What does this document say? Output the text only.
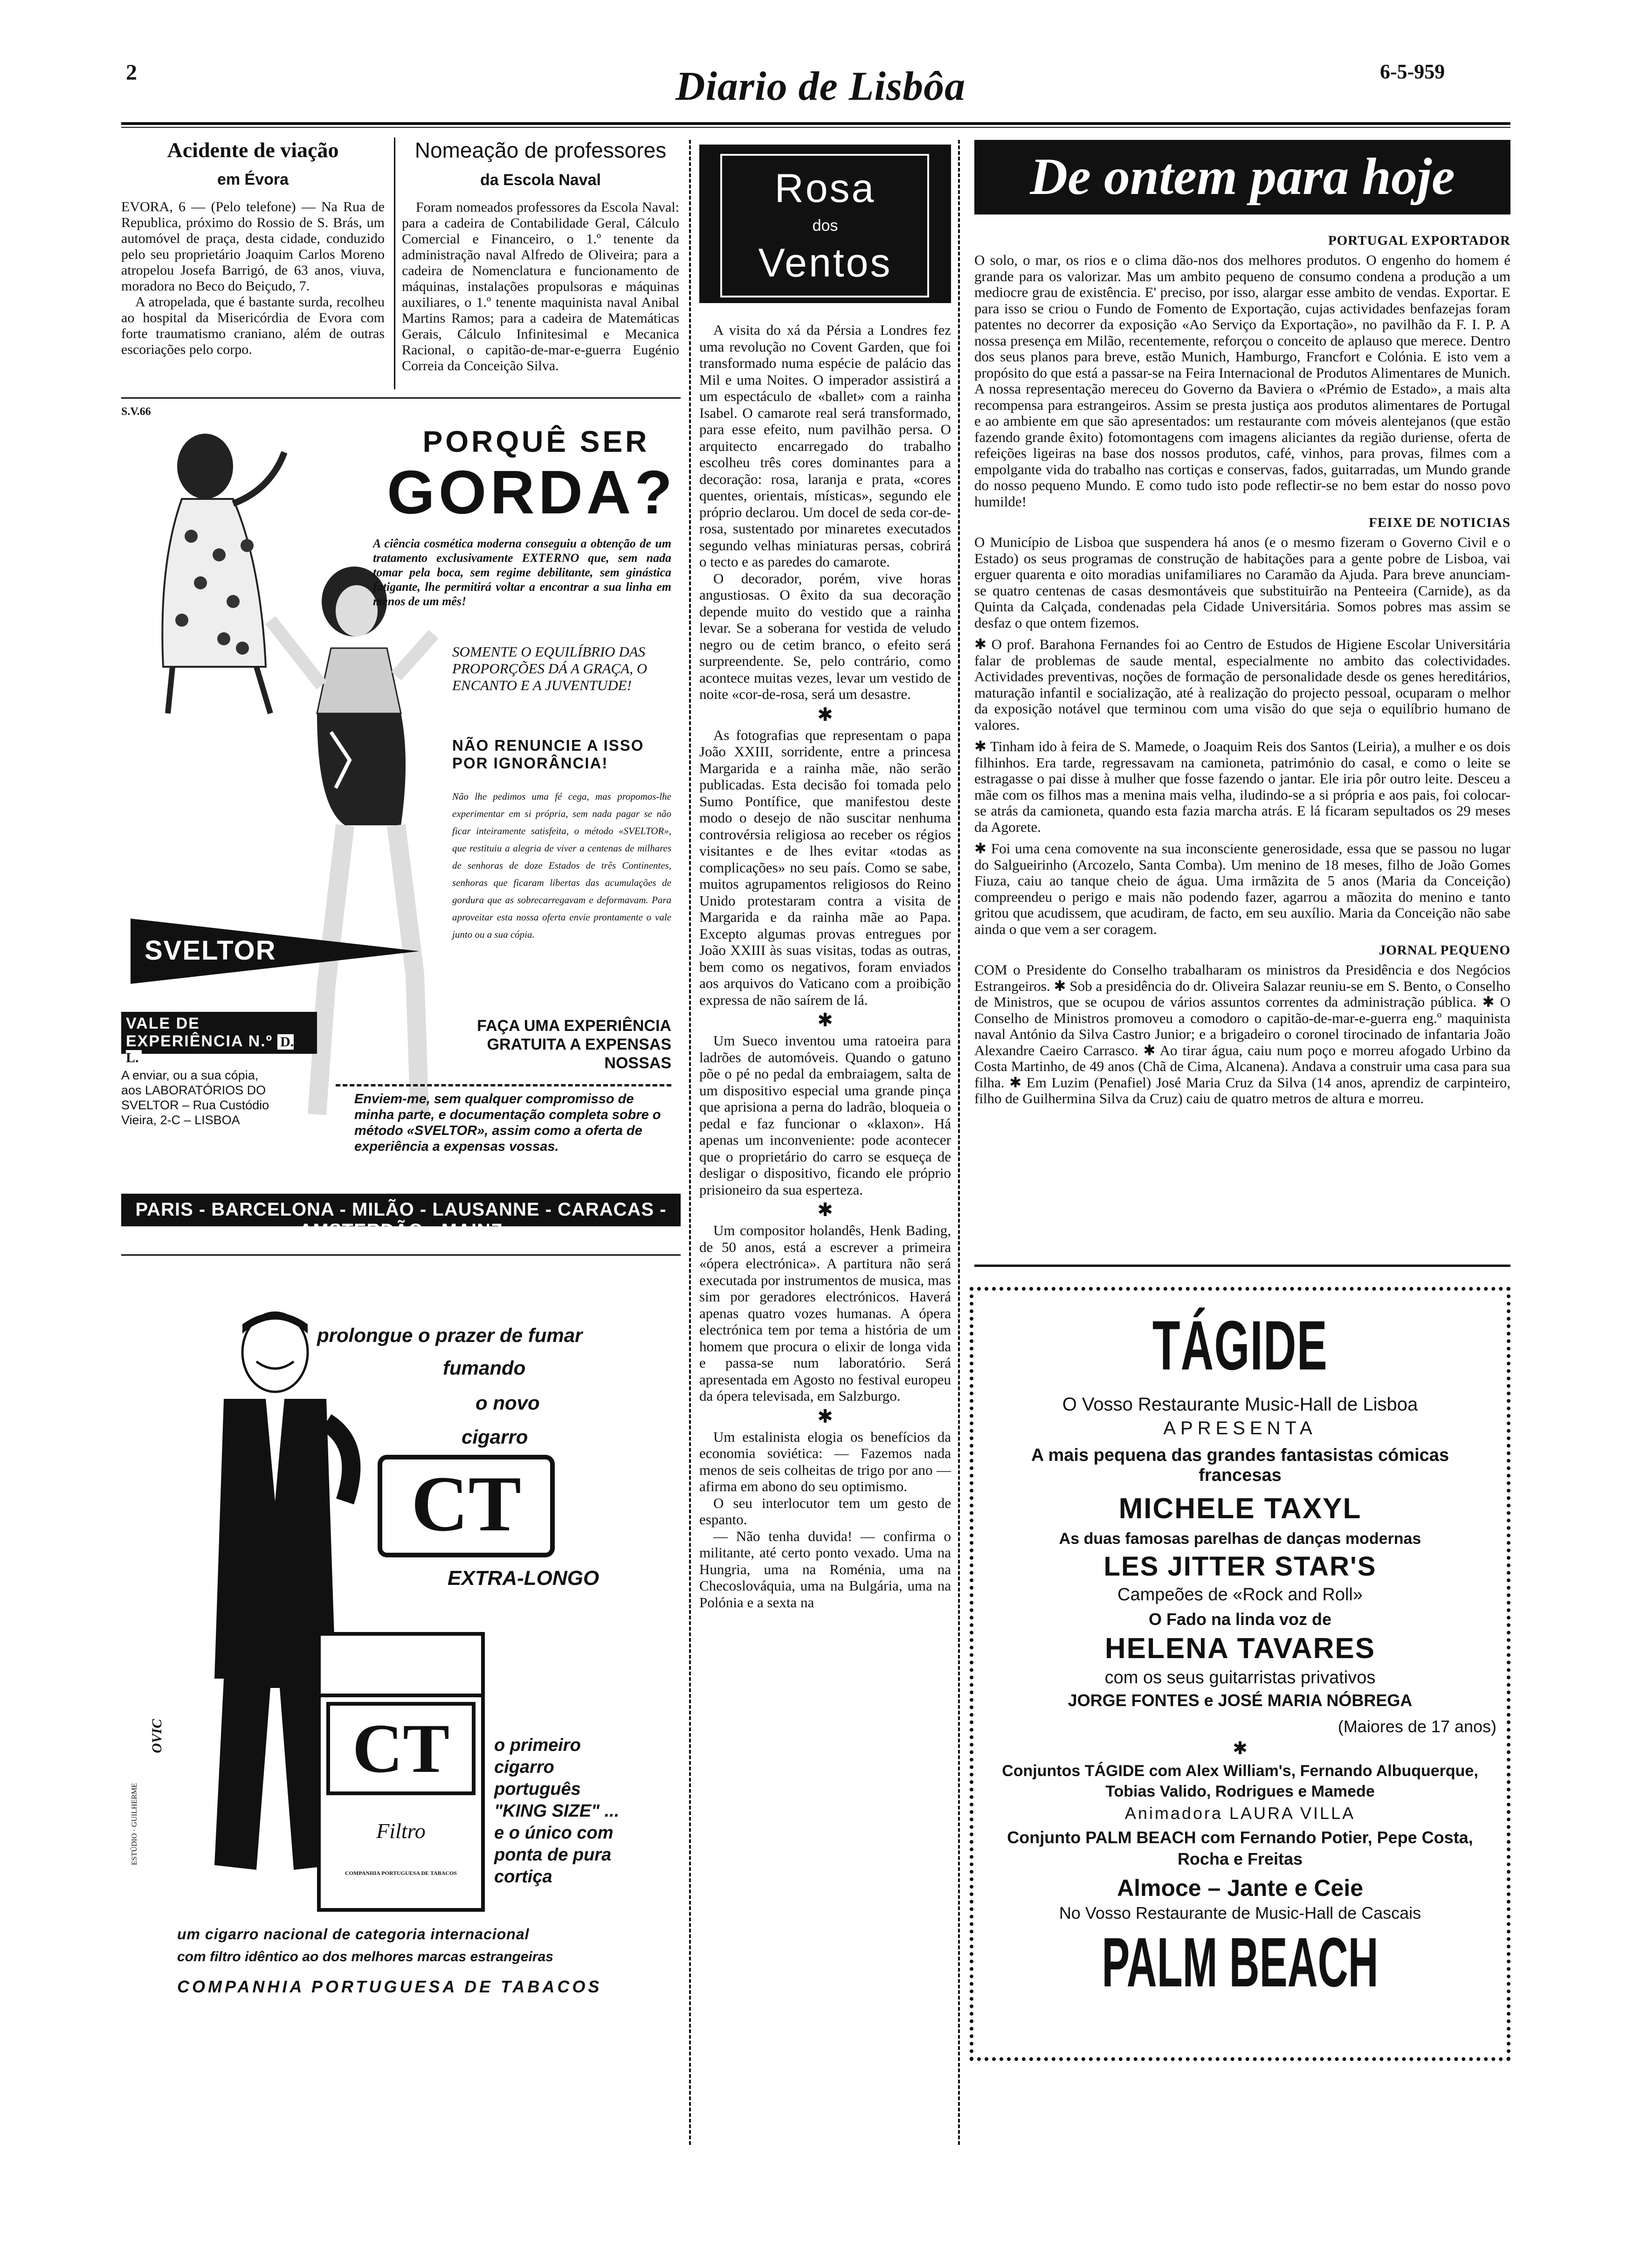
2	Diario de Lisbôa	6-5-959
Acidente de viação
em Évora

EVORA, 6 — (Pelo telefone) — Na Rua de Republica, próximo do Rossio de S. Brás, um automóvel de praça, desta cidade, conduzido pelo seu proprietário Joaquim Carlos Moreno atropelou Josefa Barrigó, de 63 anos, viuva, moradora no Beco do Beiçudo, 7.

A atropelada, que é bastante surda, recolheu ao hospital da Misericórdia de Evora com forte traumatismo craniano, além de outras escoriações pelo corpo.

Nomeação de professores
da Escola Naval

Foram nomeados professores da Escola Naval: para a cadeira de Contabilidade Geral, Cálculo Comercial e Financeiro, o 1.º tenente da administração naval Alfredo de Oliveira; para a cadeira de Nomenclatura e funcionamento de máquinas, instalações propulsoras e máquinas auxiliares, o 1.º tenente maquinista naval Anibal Martins Ramos; para a cadeira de Matemáticas Gerais, Cálculo Infinitesimal e Mecanica Racional, o capitão-de-mar-e-guerra Eugénio Correia da Conceição Silva.

S.V.66
PORQUÊ SER
GORDA?

A ciência cosmética moderna conseguiu a obtenção de um tratamento exclusivamente EXTERNO que, sem nada tomar pela boca, sem regime debilitante, sem ginástica fatigante, lhe permitirá voltar a encontrar a sua linha em menos de um mês!

SOMENTE O EQUILÍBRIO DAS PROPORÇÕES DÁ A GRAÇA, O ENCANTO E A JUVENTUDE!

NÃO RENUNCIE A ISSO POR IGNORÂNCIA!

Não lhe pedimos uma fé cega, mas propomos-lhe experimentar em si própria, sem nada pagar se não ficar inteiramente satisfeita, o método «SVELTOR», que restituiu a alegria de viver a centenas de milhares de senhoras de doze Estados de três Continentes, senhoras que ficaram libertas das acumulações de gordura que as sobrecarregavam e deformavam. Para aproveitar esta nossa oferta envie prontamente o vale junto ou a sua cópia.

SVELTOR
VALE DE EXPERIÊNCIA N.º D. L.

A enviar, ou a sua cópia, aos LABORATÓRIOS DO SVELTOR – Rua Custódio Vieira, 2-C – LISBOA

FAÇA UMA EXPERIÊNCIA GRATUITA A EXPENSAS NOSSAS

Enviem-me, sem qualquer compromisso de minha parte, e documentação completa sobre o método «SVELTOR», assim como a oferta de experiência a expensas vossas.

PARIS - BARCELONA - MILÃO - LAUSANNE - CARACAS - AMSTERDÃO - MAINZ
prolongue o prazer de fumar
fumando
o novo
cigarro
CT
EXTRA-LONGO
CT
Filtro
COMPANHIA PORTUGUESA DE TABACOS

o primeiro cigarro português "KING SIZE" ... e o único com ponta de pura cortiça

um cigarro nacional de categoria internacional
com filtro idêntico ao dos melhores marcas estrangeiras
COMPANHIA PORTUGUESA DE TABACOS
ESTÚDIO · GUILHERME
OVIC
Rosa
dos
Ventos

A visita do xá da Pérsia a Londres fez uma revolução no Covent Garden, que foi transformado numa espécie de palácio das Mil e uma Noites. O imperador assistirá a um espectáculo de «ballet» com a rainha Isabel. O camarote real será transformado, para esse efeito, num pavilhão persa. O arquitecto encarregado do trabalho escolheu três cores dominantes para a decoração: rosa, laranja e prata, «cores quentes, orientais, místicas», segundo ele próprio declarou. Um docel de seda cor-de-rosa, sustentado por minaretes executados segundo velhas miniaturas persas, cobrirá o tecto e as paredes do camarote.

O decorador, porém, vive horas angustiosas. O êxito da sua decoração depende muito do vestido que a rainha levar. Se a soberana for vestida de veludo negro ou de cetim branco, o efeito será surpreendente. Se, pelo contrário, como acontece muitas vezes, levar um vestido de noite «cor-de-rosa, será um desastre.

✱

As fotografias que representam o papa João XXIII, sorridente, entre a princesa Margarida e a rainha mãe, não serão publicadas. Esta decisão foi tomada pelo Sumo Pontífice, que manifestou deste modo o desejo de não suscitar nenhuma controvérsia religiosa ao receber os régios visitantes e de lhes evitar «todas as complicações» no seu país. Como se sabe, muitos agrupamentos religiosos do Reino Unido protestaram contra a visita de Margarida e da rainha mãe ao Papa. Excepto algumas provas entregues por João XXIII às suas visitas, todas as outras, bem como os negativos, foram enviados aos arquivos do Vaticano com a proibição expressa de não saírem de lá.

✱

Um Sueco inventou uma ratoeira para ladrões de automóveis. Quando o gatuno põe o pé no pedal da embraiagem, salta de um dispositivo especial uma grande pinça que aprisiona a perna do ladrão, bloqueia o pedal e faz funcionar o «klaxon». Há apenas um inconveniente: pode acontecer que o proprietário do carro se esqueça de desligar o dispositivo, ficando ele próprio prisioneiro da sua esperteza.

✱

Um compositor holandês, Henk Bading, de 50 anos, está a escrever a primeira «ópera electrónica». A partitura não será executada por instrumentos de musica, mas sim por geradores electrónicos. Haverá apenas quatro vozes humanas. A ópera electrónica tem por tema a história de um homem que procura o elixir de longa vida e passa-se num laboratório. Será apresentada em Agosto no festival europeu da ópera televisada, em Salzburgo.

✱

Um estalinista elogia os benefícios da economia soviética: — Fazemos nada menos de seis colheitas de trigo por ano — afirma em abono do seu optimismo.

O seu interlocutor tem um gesto de espanto.

— Não tenha duvida! — confirma o militante, até certo ponto vexado. Uma na Hungria, uma na Roménia, uma na Checoslováquia, uma na Bulgária, uma na Polónia e a sexta na

De ontem para hoje
PORTUGAL EXPORTADOR

O solo, o mar, os rios e o clima dão-nos dos melhores produtos. O engenho do homem é grande para os valorizar. Mas um ambito pequeno de consumo condena a produção a um mediocre grau de existência. E' preciso, por isso, alargar esse ambito de vendas. Exportar. E para isso se criou o Fundo de Fomento de Exportação, cujas actividades benfazejas foram patentes no decorrer da exposição «Ao Serviço da Exportação», no pavilhão da F. I. P. A nossa presença em Milão, recentemente, reforçou o conceito de aplauso que merece. Dentro dos seus planos para breve, estão Munich, Hamburgo, Francfort e Colónia. E isto vem a propósito do que está a passar-se na Feira Internacional de Produtos Alimentares de Munich. A nossa representação mereceu do Governo da Baviera o «Prémio de Estado», a mais alta recompensa para estrangeiros. Assim se presta justiça aos produtos alimentares de Portugal e ao ambiente em que são apresentados: um restaurante com móveis alentejanos (que estão fazendo grande êxito) fotomontagens com imagens aliciantes da região duriense, oferta de refeições ligeiras na base dos nossos produtos, café, vinhos, para provas, filmes com a empolgante vida do trabalho nas cortiças e conservas, fados, guitarradas, um Mundo grande do nosso pequeno Mundo. E como tudo isto pode reflectir-se no bem estar do nosso povo humilde!

FEIXE DE NOTICIAS

O Município de Lisboa que suspendera há anos (e o mesmo fizeram o Governo Civil e o Estado) os seus programas de construção de habitações para a gente pobre de Lisboa, vai erguer quarenta e oito moradias unifamiliares no Caramão da Ajuda. Para breve anunciam-se quatro centenas de casas desmontáveis que substituirão na Penteeira (Carnide), as da Quinta da Calçada, condenadas pela Cidade Universitária. Somos pobres mas assim se desfaz o que ontem fizemos.

✱ O prof. Barahona Fernandes foi ao Centro de Estudos de Higiene Escolar Universitária falar de problemas de saude mental, especialmente no ambito das colectividades. Actividades preventivas, noções de formação de personalidade desde os genes hereditários, maturação infantil e socialização, até à realização do projecto pessoal, ocuparam o melhor da exposição notável que terminou com uma visão do que seja o equilíbrio humano de valores.

✱ Tinham ido à feira de S. Mamede, o Joaquim Reis dos Santos (Leiria), a mulher e os dois filhinhos. Era tarde, regressavam na camioneta, património do casal, e como o leite se estragasse o pai disse à mulher que fosse fazendo o jantar. Ele iria pôr outro leite. Desceu a mãe com os filhos mas a menina mais velha, iludindo-se a si própria e aos pais, foi colocar-se atrás da camioneta, quando esta fazia marcha atrás. E lá ficaram sepultados os 29 meses da Agorete.

✱ Foi uma cena comovente na sua inconsciente generosidade, essa que se passou no lugar do Salgueirinho (Arcozelo, Santa Comba). Um menino de 18 meses, filho de João Gomes Fiuza, caiu ao tanque cheio de água. Uma irmãzita de 5 anos (Maria da Conceição) compreendeu o perigo e mais não podendo fazer, agarrou a mãozita do menino e tanto gritou que acudissem, que acudiram, de facto, em seu auxílio. Maria da Conceição não sabe ainda o que vem a ser coragem.

JORNAL PEQUENO

COM o Presidente do Conselho trabalharam os ministros da Presidência e dos Negócios Estrangeiros. ✱ Sob a presidência do dr. Oliveira Salazar reuniu-se em S. Bento, o Conselho de Ministros, que se ocupou de vários assuntos correntes da administração pública. ✱ O Conselho de Ministros promoveu a comodoro o capitão-de-mar-e-guerra eng.º maquinista naval António da Silva Castro Junior; e a brigadeiro o coronel tirocinado de infantaria João Alexandre Caeiro Carrasco. ✱ Ao tirar água, caiu num poço e morreu afogado Urbino da Costa Martinho, de 49 anos (Chã de Cima, Alcanena). Andava a construir uma casa para sua filha. ✱ Em Luzim (Penafiel) José Maria Cruz da Silva (14 anos, aprendiz de carpinteiro, filho de Guilhermina Silva da Cruz) caiu de quatro metros de altura e morreu.

TÁGIDE
O Vosso Restaurante Music-Hall de Lisboa
APRESENTA
A mais pequena das grandes fantasistas cómicas francesas
MICHELE TAXYL
As duas famosas parelhas de danças modernas
LES JITTER STAR'S
Campeões de «Rock and Roll»
O Fado na linda voz de
HELENA TAVARES
com os seus guitarristas privativos
JORGE FONTES e JOSÉ MARIA NÓBREGA
(Maiores de 17 anos)
✱
Conjuntos TÁGIDE com Alex William's, Fernando Albuquerque, Tobias Valido, Rodrigues e Mamede
Animadora LAURA VILLA
Conjunto PALM BEACH com Fernando Potier, Pepe Costa, Rocha e Freitas
Almoce – Jante e Ceie
No Vosso Restaurante de Music-Hall de Cascais
PALM BEACH
